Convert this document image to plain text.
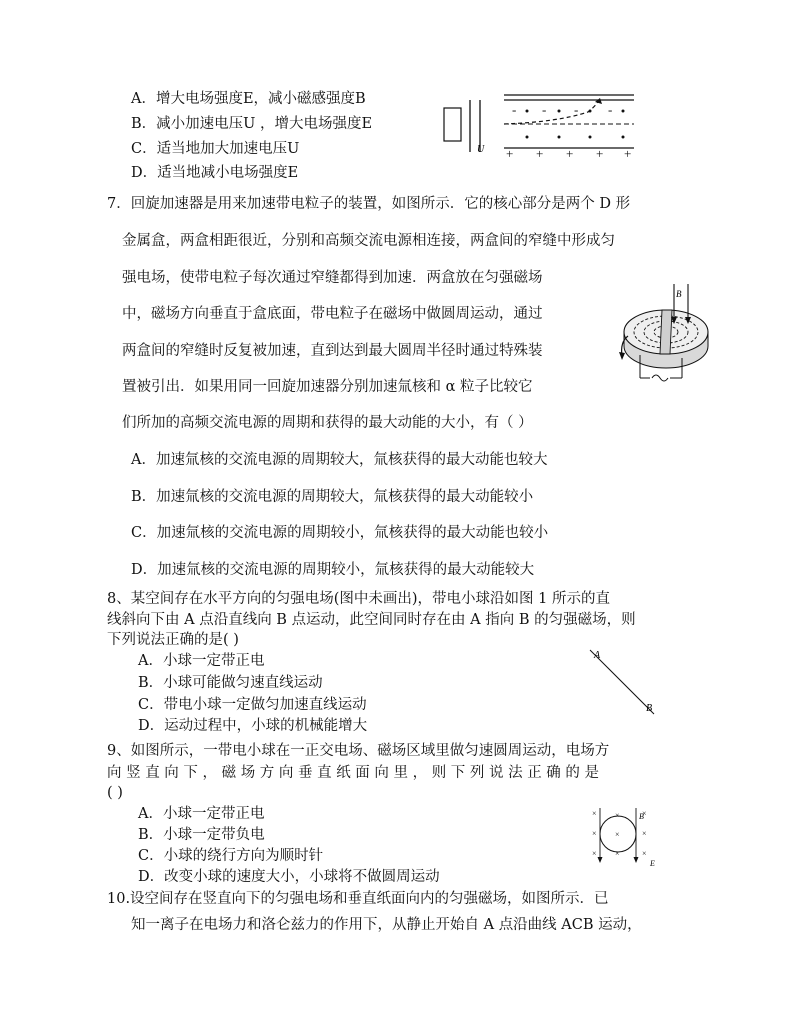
A．增大电场强度E，减小磁感强度B
B．减小加速电压U ，增大电场强度E
C．适当地加大加速电压U
D．适当地减小电场强度E
U
- - - -
+ + + + +
7．回旋加速器是用来加速带电粒子的装置，如图所示．它的核心部分是两个 D 形
金属盒，两盒相距很近，分别和高频交流电源相连接，两盒间的窄缝中形成匀
强电场，使带电粒子每次通过窄缝都得到加速．两盒放在匀强磁场
中，磁场方向垂直于盒底面，带电粒子在磁场中做圆周运动，通过
两盒间的窄缝时反复被加速，直到达到最大圆周半径时通过特殊装
置被引出．如果用同一回旋加速器分别加速氚核和 α 粒子比较它
们所加的高频交流电源的周期和获得的最大动能的大小，有（ ）
A．加速氚核的交流电源的周期较大，氚核获得的最大动能也较大
B．加速氚核的交流电源的周期较大，氚核获得的最大动能较小
C．加速氚核的交流电源的周期较小，氚核获得的最大动能也较小
D．加速氚核的交流电源的周期较小，氚核获得的最大动能较大
B
8、某空间存在水平方向的匀强电场(图中未画出)，带电小球沿如图 1 所示的直
线斜向下由 A 点沿直线向 B 点运动，此空间同时存在由 A 指向 B 的匀强磁场，则
下列说法正确的是( )
A．小球一定带正电
B．小球可能做匀速直线运动
C．带电小球一定做匀加速直线运动
D．运动过程中，小球的机械能增大
A
B
9、如图所示，一带电小球在一正交电场、磁场区域里做匀速圆周运动，电场方
向竖直向下，磁场方向垂直纸面向里，则下列说法正确的是
( )
A．小球一定带正电
B．小球一定带负电
C．小球的绕行方向为顺时针
D．改变小球的速度大小，小球将不做圆周运动
×
×
×
×
×
×
×
×
×
B
E
10.设空间存在竖直向下的匀强电场和垂直纸面向内的匀强磁场，如图所示．已
知一离子在电场力和洛仑兹力的作用下，从静止开始自 A 点沿曲线 ACB 运动，
